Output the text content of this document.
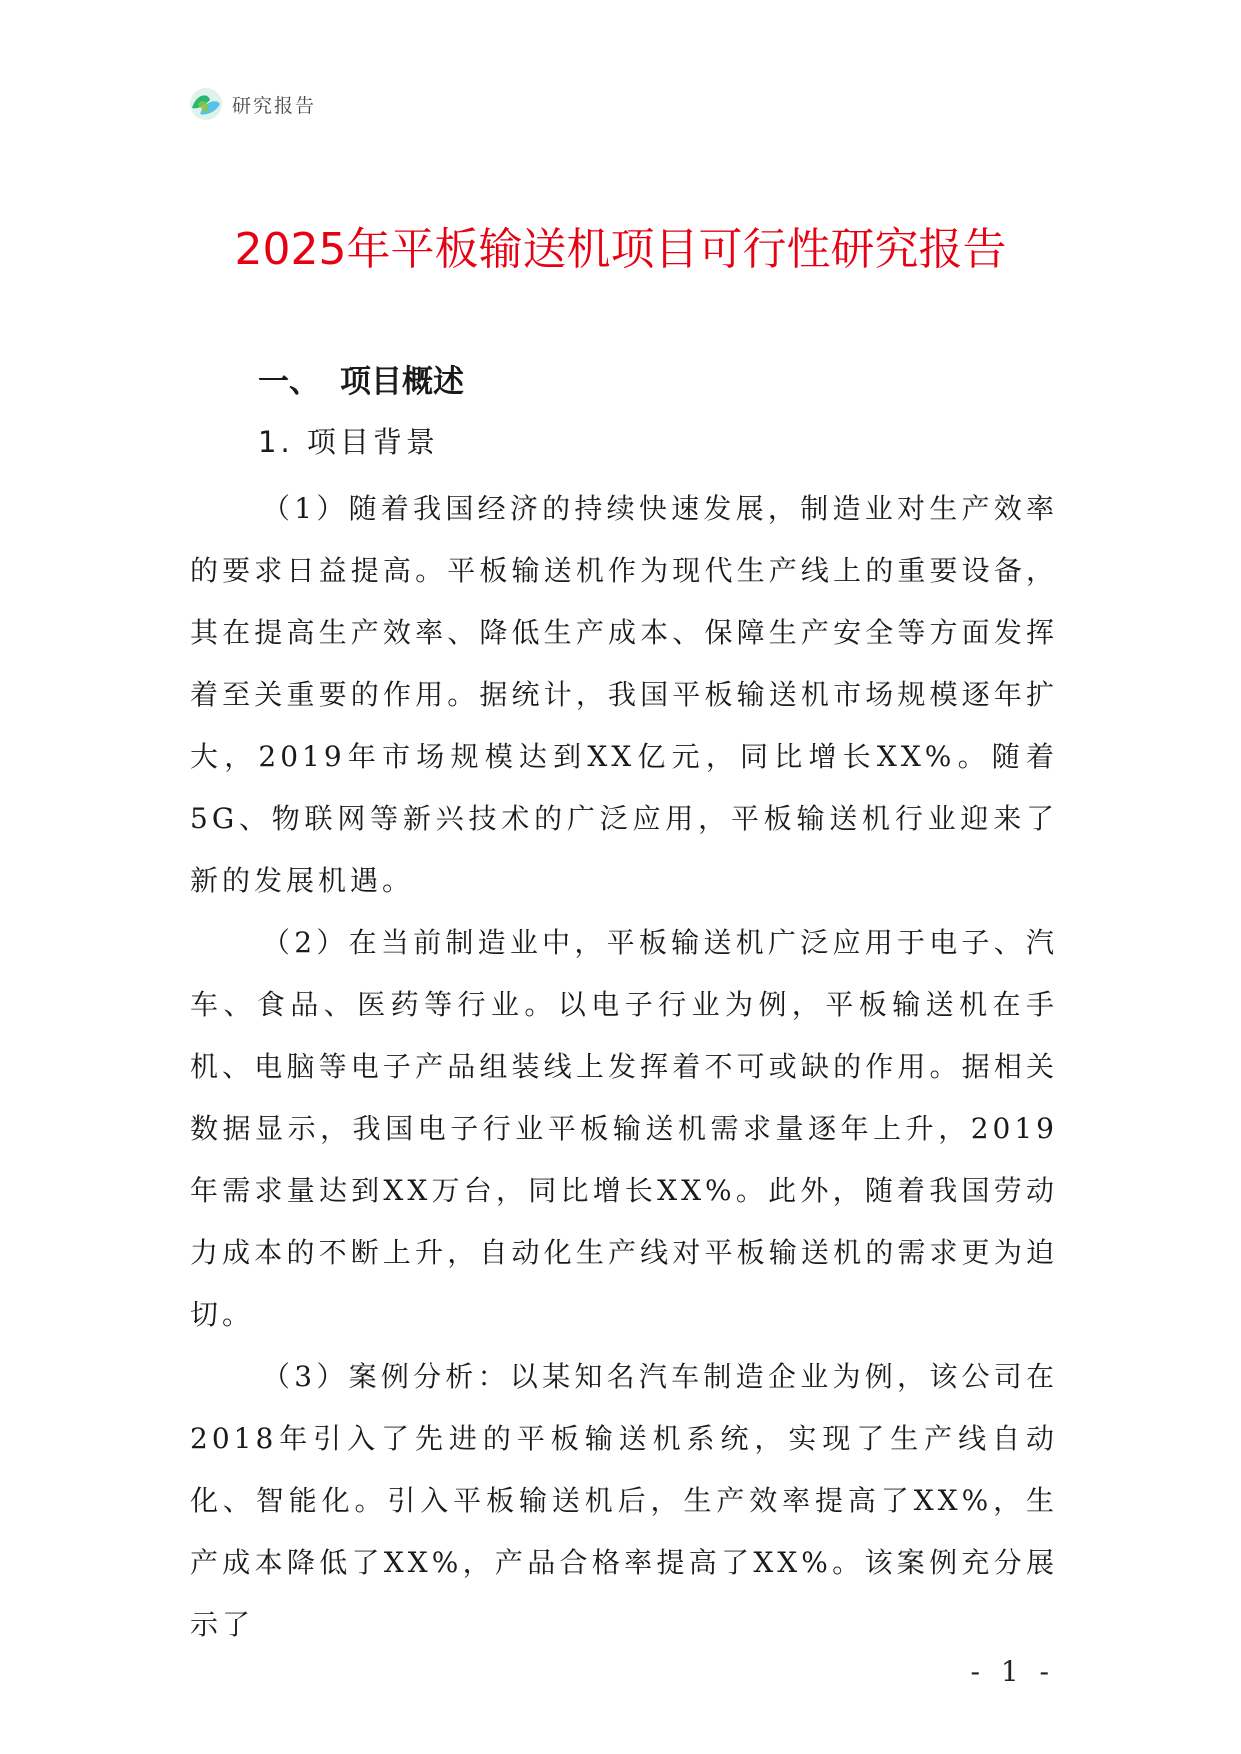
研究报告
2025年平板输送机项目可行性研究报告
一、 项目概述
1. 项目背景

（1）随着我国经济的持续快速发展，制造业对生产效率的要求日益提高。平板输送机作为现代生产线上的重要设备，其在提高生产效率、降低生产成本、保障生产安全等方面发挥着至关重要的作用。据统计，我国平板输送机市场规模逐年扩大，2019年市场规模达到XX亿元，同比增长XX%。随着5G、物联网等新兴技术的广泛应用，平板输送机行业迎来了新的发展机遇。

（2）在当前制造业中，平板输送机广泛应用于电子、汽车、食品、医药等行业。以电子行业为例，平板输送机在手机、电脑等电子产品组装线上发挥着不可或缺的作用。据相关数据显示，我国电子行业平板输送机需求量逐年上升，2019年需求量达到XX万台，同比增长XX%。此外，随着我国劳动力成本的不断上升，自动化生产线对平板输送机的需求更为迫切。

（3）案例分析：以某知名汽车制造企业为例，该公司在2018年引入了先进的平板输送机系统，实现了生产线自动化、智能化。引入平板输送机后，生产效率提高了XX%，生产成本降低了XX%，产品合格率提高了XX%。该案例充分展示了

- 1 -
